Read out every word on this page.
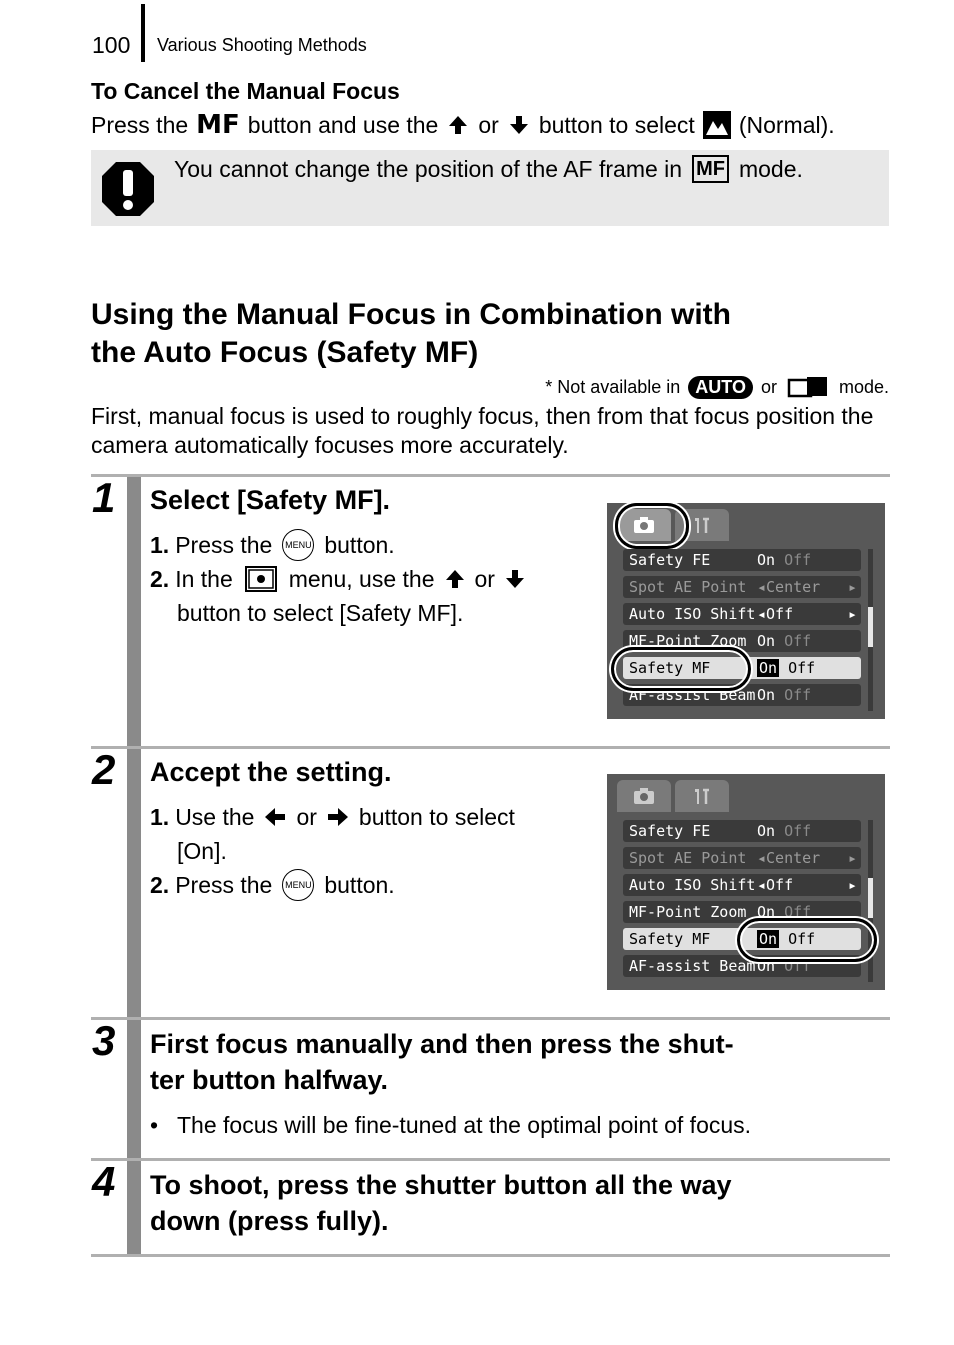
100 Various Shooting Methods
To Cancel the Manual Focus
Press the MF button and use the or button to select (Normal).
You cannot change the position of the AF frame in MF mode.
Using the Manual Focus in Combination with
the Auto Focus (Safety MF)
* Not available in AUTO or	mode.
First, manual focus is used to roughly focus, then from that focus position the camera automatically focuses more accurately.
1 Select [Safety MF].
1. Press the	MENU button.
2. In the menu, use the or
button to select [Safety MF].
Safety FE	On Off
Spot AE Point ◂Center ▸
Auto ISO Shift ◂Off	▸
MF-Point Zoom On Off
Safety MF	On Off
AF-assist Beam On Off
2 Accept the setting.
1. Use the or button to select
[On].
2. Press the	MENU button.
Safety FE	On Off
Spot AE Point ◂Center ▸
Auto ISO Shift ◂Off	▸
MF-Point Zoom On Off
Safety MF	On Off
AF-assist Beam On Off
3 First focus manually and then press the shut-
ter button halfway.
• The focus will be fine-tuned at the optimal point of focus.
4 To shoot, press the shutter button all the way
down (press fully).
